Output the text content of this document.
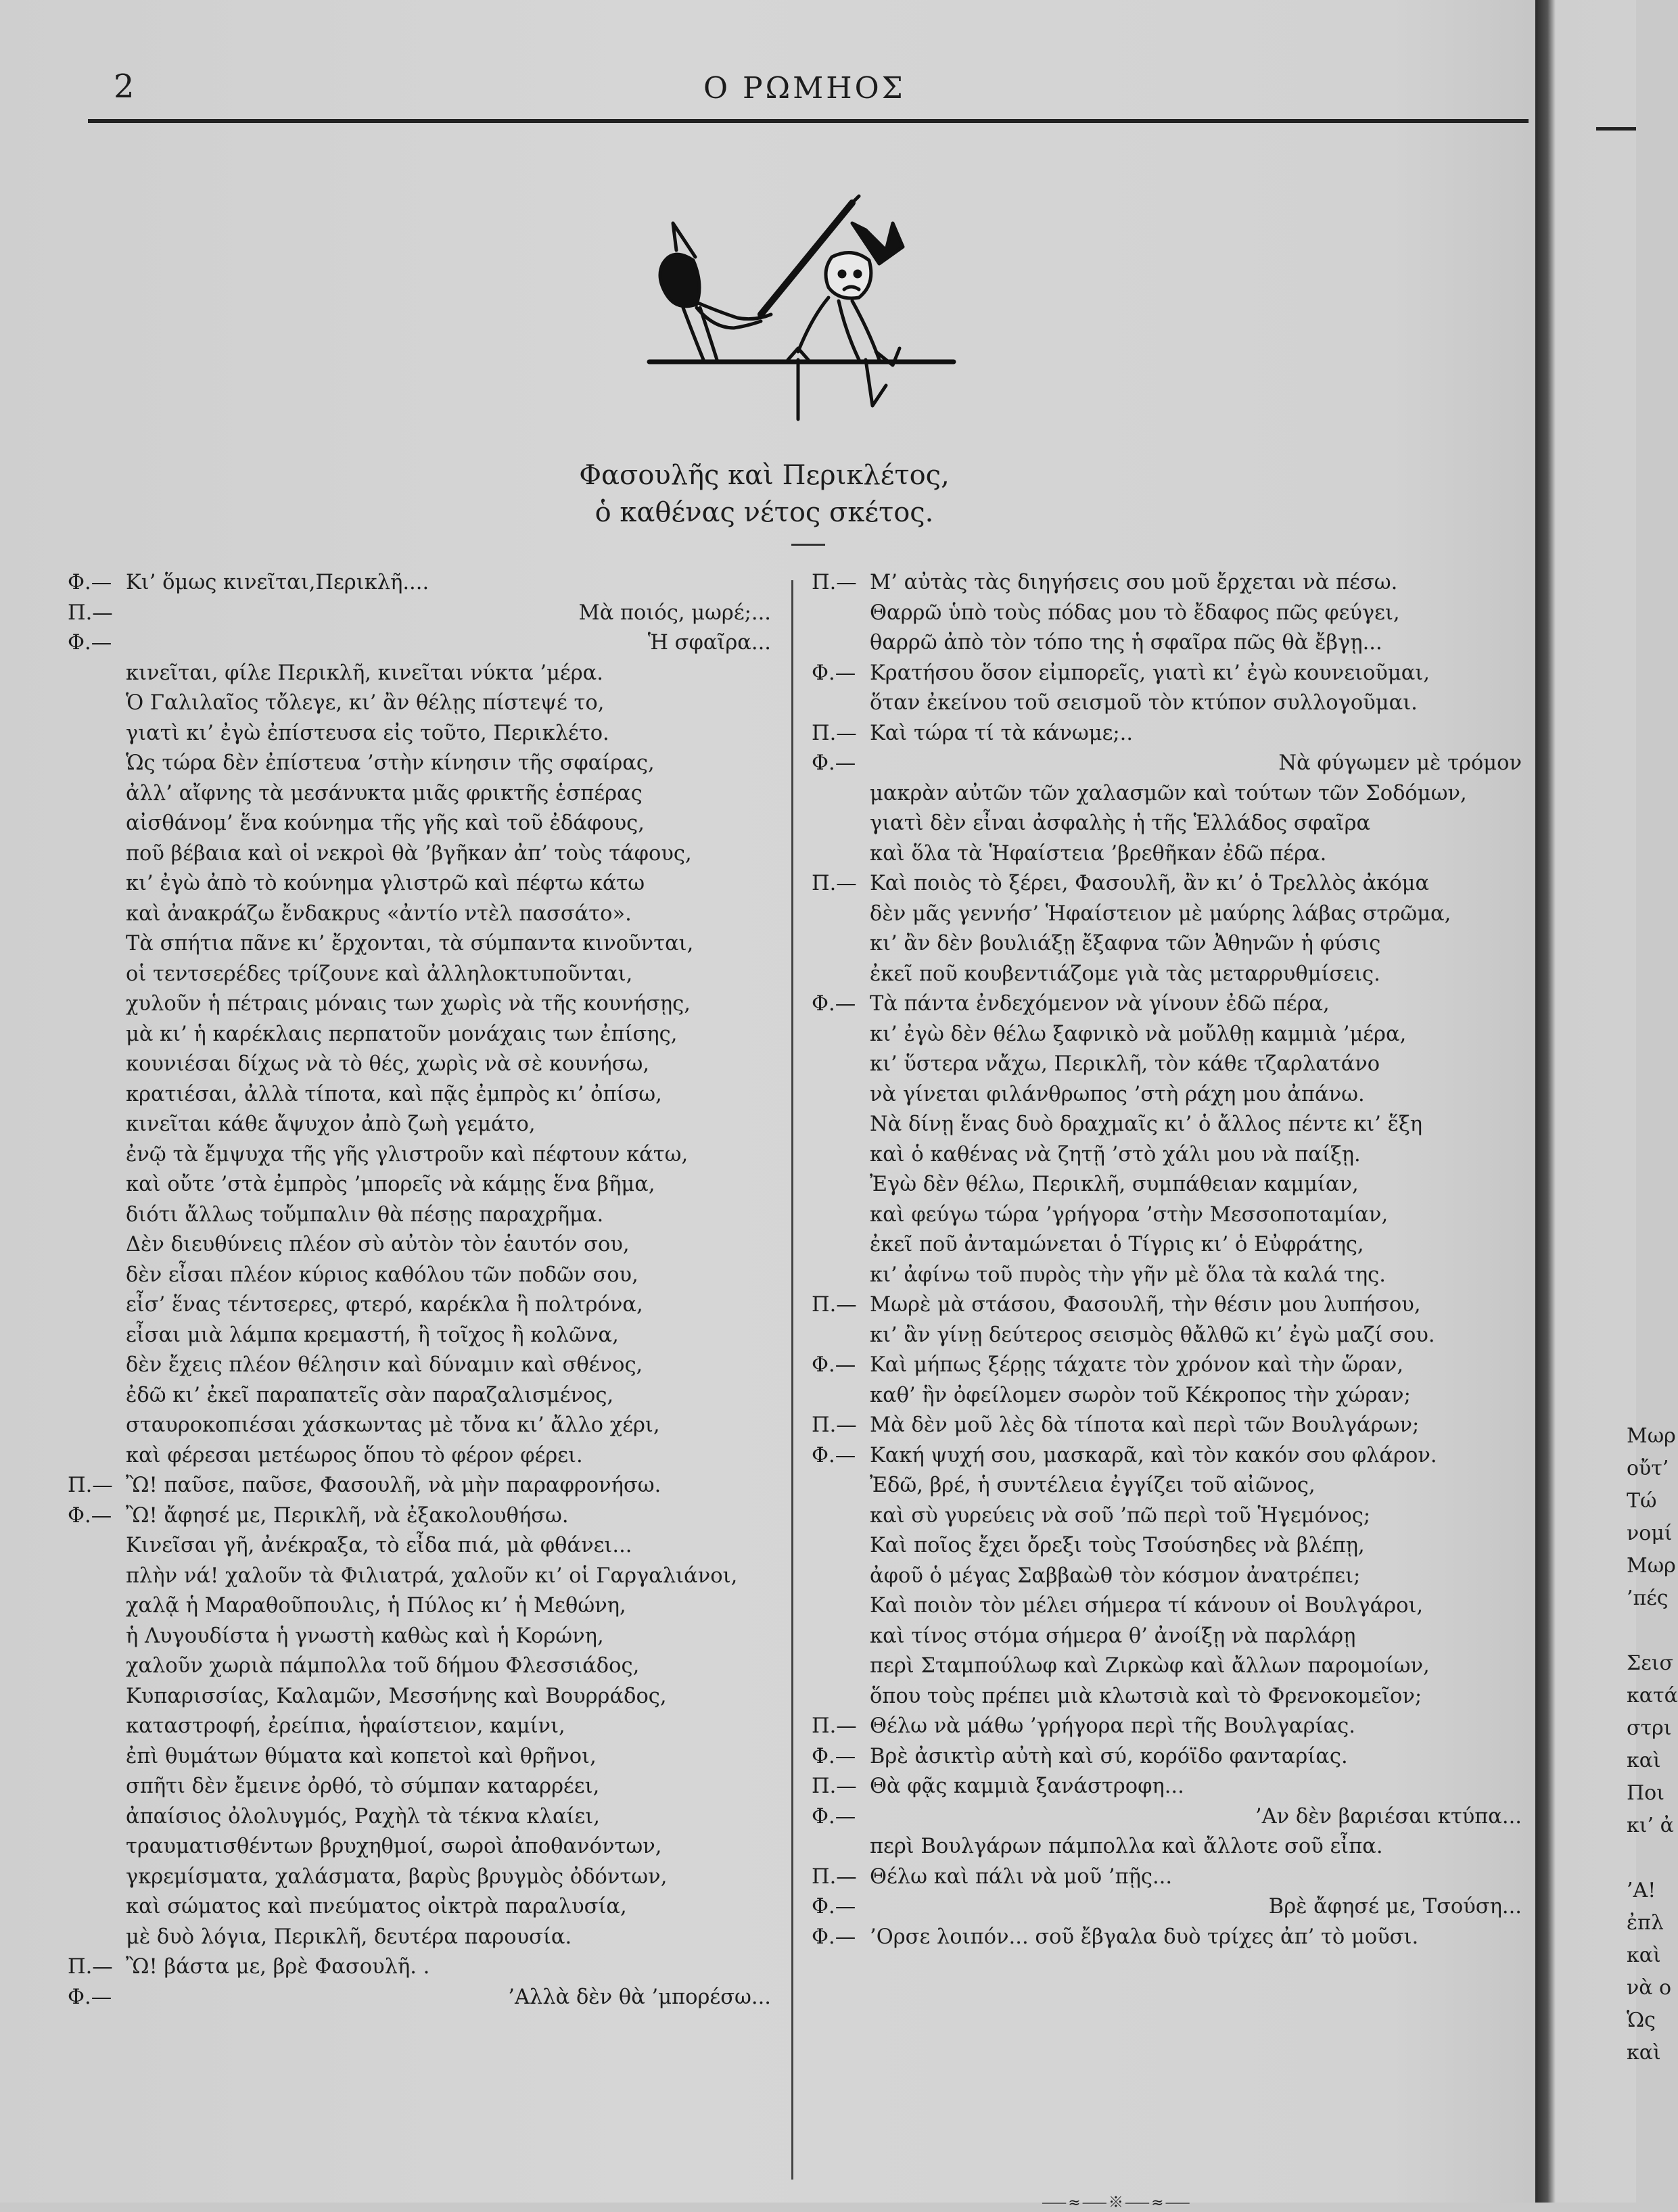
2	Ο ΡΩΜΗΟΣ
Φασουλῆς καὶ Περικλέτος,
ὁ καθένας νέτος σκέτος.
Φ.— Κι’ ὅμως κινεῖται,Περικλῆ....
Π.—	Μὰ ποιός, μωρέ;...
Φ.—	Ἡ σφαῖρα...
κινεῖται, φίλε Περικλῆ, κινεῖται νύκτα ’μέρα.
Ὁ Γαλιλαῖος τὄλεγε, κι’ ἂν θέλῃς πίστεψέ το,
γιατὶ κι’ ἐγὼ ἐπίστευσα εἰς τοῦτο, Περικλέτο.
Ὡς τώρα δὲν ἐπίστευα ’στὴν κίνησιν τῆς σφαίρας,
ἀλλ’ αἴφνης τὰ μεσάνυκτα μιᾶς φρικτῆς ἑσπέρας
αἰσθάνομ’ ἕνα κούνημα τῆς γῆς καὶ τοῦ ἐδάφους,
ποῦ βέβαια καὶ οἱ νεκροὶ θὰ ’βγῆκαν ἀπ’ τοὺς τάφους,
κι’ ἐγὼ ἀπὸ τὸ κούνημα γλιστρῶ καὶ πέφτω κάτω
καὶ ἀνακράζω ἔνδακρυς «ἀντίο ντὲλ πασσάτο».
Τὰ σπήτια πᾶνε κι’ ἔρχονται, τὰ σύμπαντα κινοῦνται,
οἱ τεντσερέδες τρίζουνε καὶ ἀλληλοκτυποῦνται,
χυλοῦν ἡ πέτραις μόναις των χωρὶς νὰ τῆς κουνήσῃς,
μὰ κι’ ἡ καρέκλαις περπατοῦν μονάχαις των ἐπίσης,
κουνιέσαι δίχως νὰ τὸ θές, χωρὶς νὰ σὲ κουνήσω,
κρατιέσαι, ἀλλὰ τίποτα, καὶ πᾷς ἐμπρὸς κι’ ὀπίσω,
κινεῖται κάθε ἄψυχον ἀπὸ ζωὴ γεμάτο,
ἐνῷ τὰ ἔμψυχα τῆς γῆς γλιστροῦν καὶ πέφτουν κάτω,
καὶ οὔτε ’στὰ ἐμπρὸς ’μπορεῖς νὰ κάμῃς ἕνα βῆμα,
διότι ἄλλως τοὔμπαλιν θὰ πέσῃς παραχρῆμα.
Δὲν διευθύνεις πλέον σὺ αὐτὸν τὸν ἑαυτόν σου,
δὲν εἶσαι πλέον κύριος καθόλου τῶν ποδῶν σου,
εἶσ’ ἕνας τέντσερες, φτερό, καρέκλα ἢ πολτρόνα,
εἶσαι μιὰ λάμπα κρεμαστή, ἢ τοῖχος ἢ κολῶνα,
δὲν ἔχεις πλέον θέλησιν καὶ δύναμιν καὶ σθένος,
ἐδῶ κι’ ἐκεῖ παραπατεῖς σὰν παραζαλισμένος,
σταυροκοπιέσαι χάσκωντας μὲ τὄνα κι’ ἄλλο χέρι,
καὶ φέρεσαι μετέωρος ὅπου τὸ φέρον φέρει.
Π.— Ὢ! παῦσε, παῦσε, Φασουλῆ, νὰ μὴν παραφρονήσω.
Φ.— Ὢ! ἄφησέ με, Περικλῆ, νὰ ἐξακολουθήσω.
Κινεῖσαι γῆ, ἀνέκραξα, τὸ εἶδα πιά, μὰ φθάνει...
πλὴν νά! χαλοῦν τὰ Φιλιατρά, χαλοῦν κι’ οἱ Γαργαλιάνοι,
χαλᾷ ἡ Μαραθοῦπουλις, ἡ Πύλος κι’ ἡ Μεθώνη,
ἡ Λυγουδίστα ἡ γνωστὴ καθὼς καὶ ἡ Κορώνη,
χαλοῦν χωριὰ πάμπολλα τοῦ δήμου Φλεσσιάδος,
Κυπαρισσίας, Καλαμῶν, Μεσσήνης καὶ Βουρράδος,
καταστροφή, ἐρείπια, ἡφαίστειον, καμίνι,
ἐπὶ θυμάτων θύματα καὶ κοπετοὶ καὶ θρῆνοι,
σπῆτι δὲν ἔμεινε ὀρθό, τὸ σύμπαν καταρρέει,
ἀπαίσιος ὀλολυγμός, Ραχὴλ τὰ τέκνα κλαίει,
τραυματισθέντων βρυχηθμοί, σωροὶ ἀποθανόντων,
γκρεμίσματα, χαλάσματα, βαρὺς βρυγμὸς ὀδόντων,
καὶ σώματος καὶ πνεύματος οἰκτρὰ παραλυσία,
μὲ δυὸ λόγια, Περικλῆ, δευτέρα παρουσία.
Π.— Ὢ! βάστα με, βρὲ Φασουλῆ. .
Φ.—	’Αλλὰ δὲν θὰ ’μπορέσω...
Π.— Μ’ αὐτὰς τὰς διηγήσεις σου μοῦ ἔρχεται νὰ πέσω.
Θαρρῶ ὑπὸ τοὺς πόδας μου τὸ ἔδαφος πῶς φεύγει,
θαρρῶ ἀπὸ τὸν τόπο της ἡ σφαῖρα πῶς θὰ ἔβγῃ...
Φ.— Κρατήσου ὅσον εἰμπορεῖς, γιατὶ κι’ ἐγὼ κουνειοῦμαι,
ὅταν ἐκείνου τοῦ σεισμοῦ τὸν κτύπον συλλογοῦμαι.
Π.— Καὶ τώρα τί τὰ κάνωμε;..
Φ.—	Νὰ φύγωμεν μὲ τρόμον
μακρὰν αὐτῶν τῶν χαλασμῶν καὶ τούτων τῶν Σοδόμων,
γιατὶ δὲν εἶναι ἀσφαλὴς ἡ τῆς Ἑλλάδος σφαῖρα
καὶ ὅλα τὰ Ἡφαίστεια ’βρεθῆκαν ἐδῶ πέρα.
Π.— Καὶ ποιὸς τὸ ξέρει, Φασουλῆ, ἂν κι’ ὁ Τρελλὸς ἀκόμα
δὲν μᾶς γεννήσ’ Ἡφαίστειον μὲ μαύρης λάβας στρῶμα,
κι’ ἂν δὲν βουλιάξῃ ἔξαφνα τῶν Ἀθηνῶν ἡ φύσις
ἐκεῖ ποῦ κουβεντιάζομε γιὰ τὰς μεταρρυθμίσεις.
Φ.— Τὰ πάντα ἐνδεχόμενον νὰ γίνουν ἐδῶ πέρα,
κι’ ἐγὼ δὲν θέλω ξαφνικὸ νὰ μοὔλθῃ καμμιὰ ’μέρα,
κι’ ὕστερα νἄχω, Περικλῆ, τὸν κάθε τζαρλατάνο
νὰ γίνεται φιλάνθρωπος ’στὴ ράχη μου ἀπάνω.
Νὰ δίνῃ ἕνας δυὸ δραχμαῖς κι’ ὁ ἄλλος πέντε κι’ ἕξη
καὶ ὁ καθένας νὰ ζητῇ ’στὸ χάλι μου νὰ παίξῃ.
Ἐγὼ δὲν θέλω, Περικλῆ, συμπάθειαν καμμίαν,
καὶ φεύγω τώρα ’γρήγορα ’στὴν Μεσσοποταμίαν,
ἐκεῖ ποῦ ἀνταμώνεται ὁ Τίγρις κι’ ὁ Εὐφράτης,
κι’ ἀφίνω τοῦ πυρὸς τὴν γῆν μὲ ὅλα τὰ καλά της.
Π.— Μωρὲ μὰ στάσου, Φασουλῆ, τὴν θέσιν μου λυπήσου,
κι’ ἂν γίνῃ δεύτερος σεισμὸς θἄλθῶ κι’ ἐγὼ μαζί σου.
Φ.— Καὶ μήπως ξέρῃς τάχατε τὸν χρόνον καὶ τὴν ὥραν,
καθ’ ἣν ὀφείλομεν σωρὸν τοῦ Κέκροπος τὴν χώραν;
Π.— Μὰ δὲν μοῦ λὲς δὰ τίποτα καὶ περὶ τῶν Βουλγάρων;
Φ.— Κακή ψυχή σου, μασκαρᾶ, καὶ τὸν κακόν σου φλάρον.
Ἐδῶ, βρέ, ἡ συντέλεια ἐγγίζει τοῦ αἰῶνος,
καὶ σὺ γυρεύεις νὰ σοῦ ’πῶ περὶ τοῦ Ἡγεμόνος;
Καὶ ποῖος ἔχει ὄρεξι τοὺς Τσούσηδες νὰ βλέπῃ,
ἀφοῦ ὁ μέγας Σαββαὼθ τὸν κόσμον ἀνατρέπει;
Καὶ ποιὸν τὸν μέλει σήμερα τί κάνουν οἱ Βουλγάροι,
καὶ τίνος στόμα σήμερα θ’ ἀνοίξῃ νὰ παρλάρῃ
περὶ Σταμπούλωφ καὶ Ζιρκὼφ καὶ ἄλλων παρομοίων,
ὅπου τοὺς πρέπει μιὰ κλωτσιὰ καὶ τὸ Φρενοκομεῖον;
Π.— Θέλω νὰ μάθω ’γρήγορα περὶ τῆς Βουλγαρίας.
Φ.— Βρὲ ἀσικτὶρ αὐτὴ καὶ σύ, κορόϊδο φανταρίας.
Π.— Θὰ φᾷς καμμιὰ ξανάστροφη...
Φ.—	’Αν δὲν βαριέσαι κτύπα...
περὶ Βουλγάρων πάμπολλα καὶ ἄλλοτε σοῦ εἶπα.
Π.— Θέλω καὶ πάλι νὰ μοῦ ’πῇς...
Φ.—	Βρὲ ἄφησέ με, Τσούση...
Φ.— ’Ορσε λοιπόν... σοῦ ἔβγαλα δυὸ τρίχες ἀπ’ τὸ μοῦσι.
⸺≈⸺※⸺≈⸺
Μωρ
οὔτ’
Τώ
νομί
Μωρ
’πές
Σεισ
κατά
στρι
καὶ
Ποι
κι’ ἀ
’Α!
ἐπλ
καὶ
νὰ ο
Ὡς
καὶ
